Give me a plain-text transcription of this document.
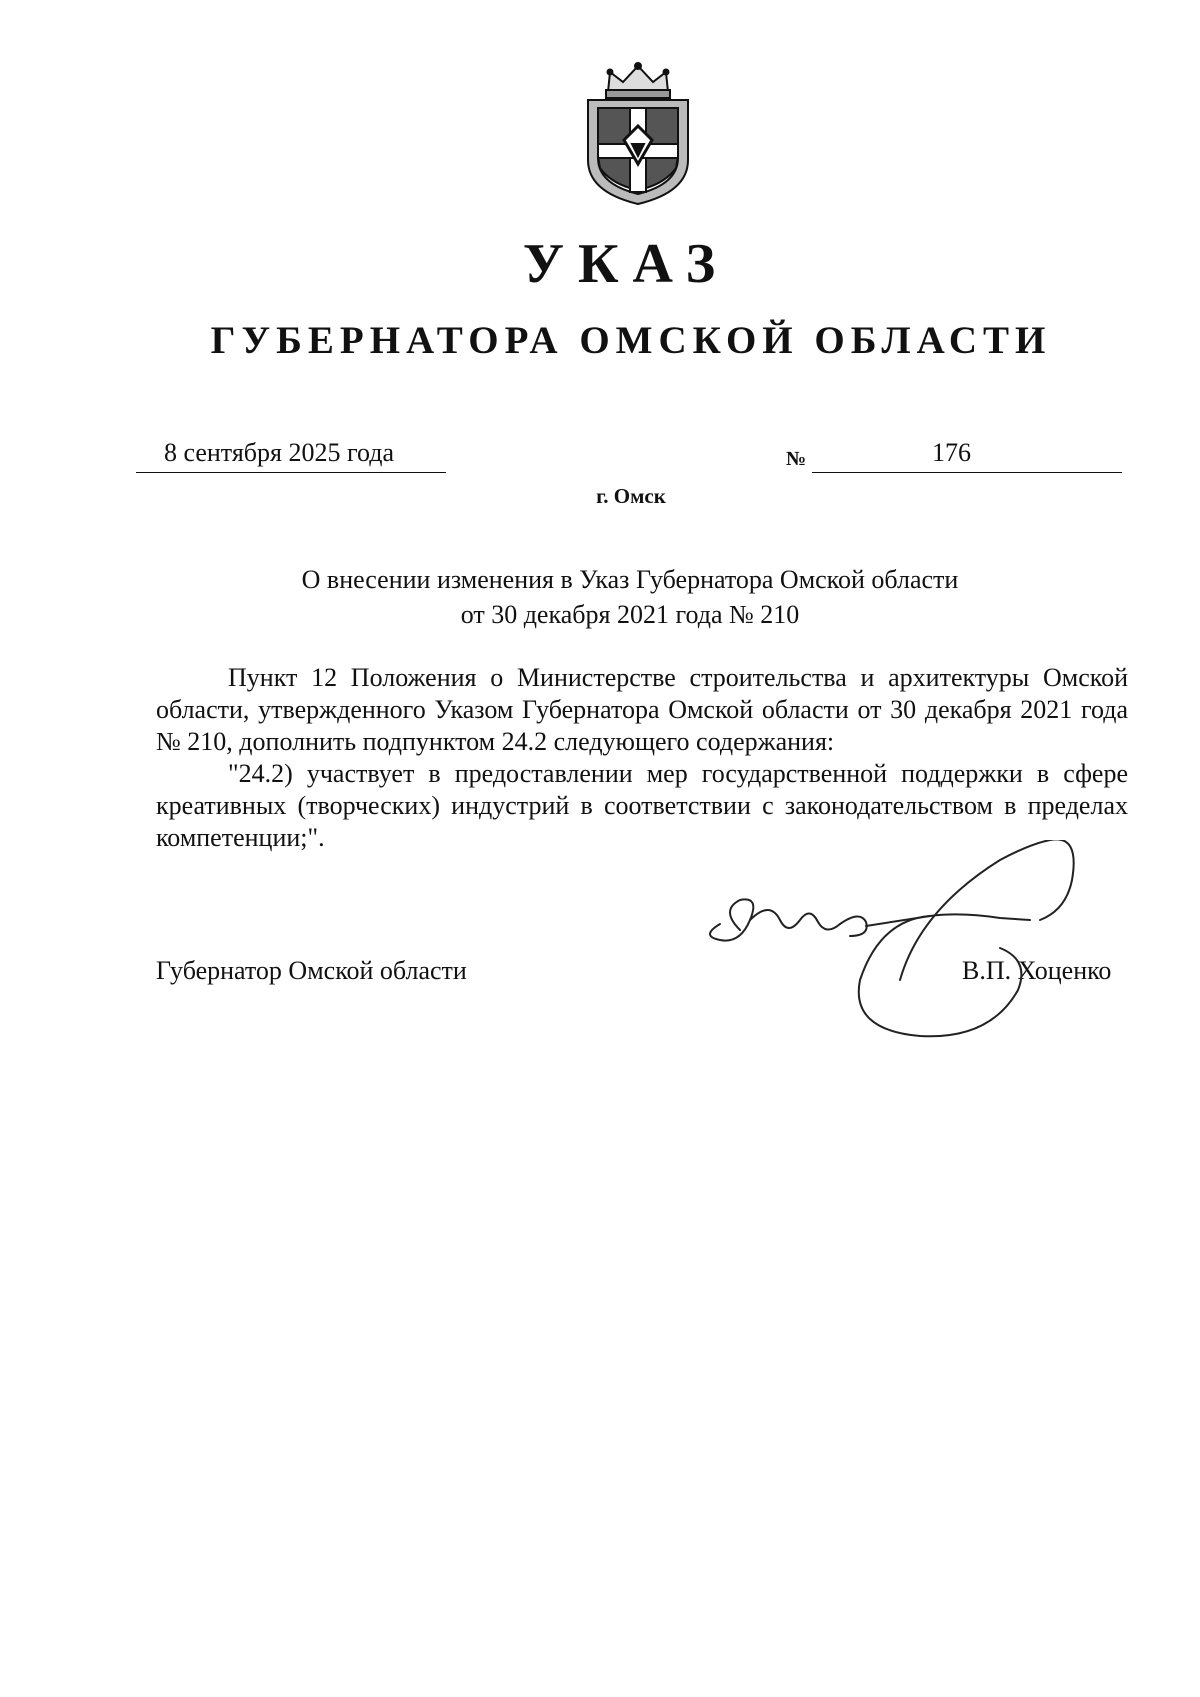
УКАЗ
ГУБЕРНАТОРА ОМСКОЙ ОБЛАСТИ
8 сентября 2025 года	№	176
г. Омск
О внесении изменения в Указ Губернатора Омской области
от 30 декабря 2021 года № 210

Пункт 12 Положения о Министерстве строительства и архитектуры Омской области, утвержденного Указом Губернатора Омской области от 30 декабря 2021 года № 210, дополнить подпунктом 24.2 следующего содержания:

"24.2) участвует в предоставлении мер государственной поддержки в сфере креативных (творческих) индустрий в соответствии с законодательством в пределах компетенции;".

Губернатор Омской области	В.П. Хоценко
